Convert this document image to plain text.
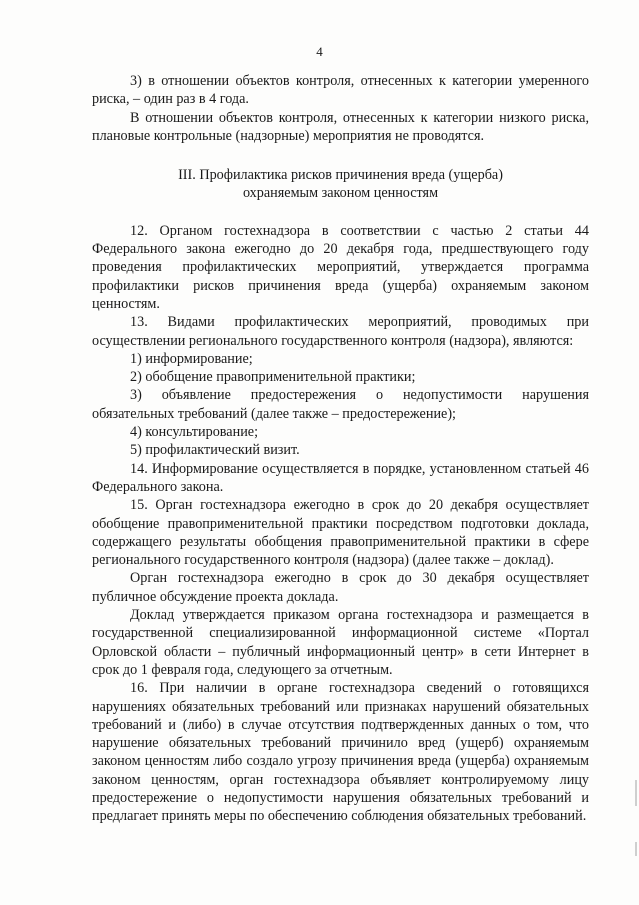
4

3) в отношении объектов контроля, отнесенных к категории умеренного риска, – один раз в 4 года.

В отношении объектов контроля, отнесенных к категории низкого риска, плановые контрольные (надзорные) мероприятия не проводятся.

III. Профилактика рисков причинения вреда (ущерба)
охраняемым законом ценностям

12. Органом гостехнадзора в соответствии с частью 2 статьи 44 Федерального закона ежегодно до 20 декабря года, предшествующего году проведения профилактических мероприятий, утверждается программа профилактики рисков причинения вреда (ущерба) охраняемым законом ценностям.

13. Видами профилактических мероприятий, проводимых при осуществлении регионального государственного контроля (надзора), являются:

1) информирование;

2) обобщение правоприменительной практики;

3) объявление предостережения о недопустимости нарушения обязательных требований (далее также – предостережение);

4) консультирование;

5) профилактический визит.

14. Информирование осуществляется в порядке, установленном статьей 46 Федерального закона.

15. Орган гостехнадзора ежегодно в срок до 20 декабря осуществляет обобщение правоприменительной практики посредством подготовки доклада, содержащего результаты обобщения правоприменительной практики в сфере регионального государственного контроля (надзора) (далее также – доклад).

Орган гостехнадзора ежегодно в срок до 30 декабря осуществляет публичное обсуждение проекта доклада.

Доклад утверждается приказом органа гостехнадзора и размещается в государственной специализированной информационной системе «Портал Орловской области – публичный информационный центр» в сети Интернет в срок до 1 февраля года, следующего за отчетным.

16. При наличии в органе гостехнадзора сведений о готовящихся нарушениях обязательных требований или признаках нарушений обязательных требований и (либо) в случае отсутствия подтвержденных данных о том, что нарушение обязательных требований причинило вред (ущерб) охраняемым законом ценностям либо создало угрозу причинения вреда (ущерба) охраняемым законом ценностям, орган гостехнадзора объявляет контролируемому лицу предостережение о недопустимости нарушения обязательных требований и предлагает принять меры по обеспечению соблюдения обязательных требований.
